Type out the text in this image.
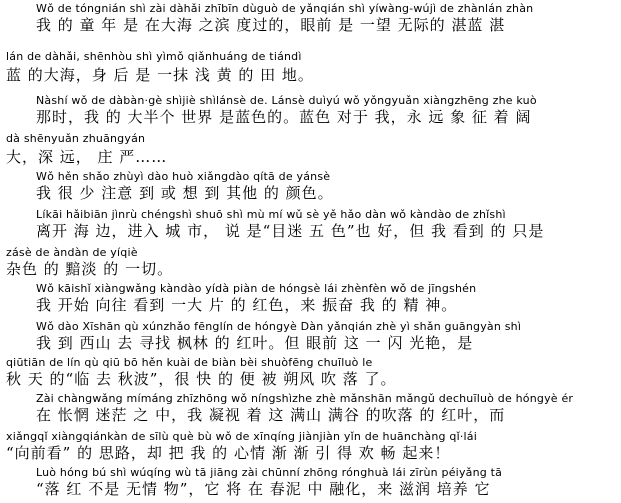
Wǒ de tóngnián shì zài dàhǎi zhībīn dùguò de yǎnqián shì yíwàng-wújì de zhànlán zhàn
我 的 童 年 是 在大海 之滨 度过的，眼前 是 一望 无际的 湛蓝 湛
lán de dàhǎi, shēnhòu shì yìmǒ qiǎnhuáng de tiándì
蓝 的大海，身 后 是 一抹 浅 黄 的 田 地。
Nàshí wǒ de dàbàn·gè shìjiè shìlánsè de. Lánsè duìyú wǒ yǒngyuǎn xiàngzhēng zhe kuò
那时，我 的 大半个 世界 是蓝色的。蓝色 对于 我，永 远 象 征 着 阔
dà shēnyuǎn zhuāngyán
大，深 远， 庄 严……
Wǒ hěn shǎo zhùyì dào huò xiǎngdào qítā de yánsè
我 很 少 注意 到 或 想 到 其他 的 颜色。
Líkāi hǎibiān jìnrù chéngshì shuō shì mù mí wǔ sè yě hǎo dàn wǒ kàndào de zhǐshì
离开 海 边，进入 城 市， 说 是“目迷 五 色”也 好，但 我 看到 的 只是
zásè de àndàn de yíqiè
杂色 的 黯淡 的 一切。
Wǒ kāishǐ xiàngwǎng kàndào yídà piàn de hóngsè lái zhènfèn wǒ de jīngshén
我 开始 向往 看到 一大 片 的 红色，来 振奋 我 的 精 神。
Wǒ dào Xīshān qù xúnzhǎo fēnglín de hóngyè Dàn yǎnqián zhè yì shǎn guāngyàn shì
我 到 西山 去 寻找 枫林 的 红叶。但 眼前 这 一 闪 光艳，是
qiūtiān de lín qù qiū bō hěn kuài de biàn bèi shuòfēng chuīluò le
秋 天 的“临 去 秋波”，很 快 的 便 被 朔风 吹 落 了。
Zài chàngwǎng mímáng zhīzhōng wǒ níngshìzhe zhè mǎnshān mǎngǔ dechuīluò de hóngyè ér
在 怅惘 迷茫 之 中，我 凝视 着 这 满山 满谷 的吹落 的 红叶，而
xiǎngqǐ xiàngqiánkàn de sīlù què bù wǒ de xīnqíng jiànjiàn yǐn de huānchàng qǐ·lái
“向前看” 的 思路，却 把 我 的 心情 渐 渐 引 得 欢 畅 起来！
Luò hóng bú shì wúqíng wù tā jiāng zài chūnní zhōng rónghuà lái zīrùn péiyǎng tā
“落 红 不是 无情 物”，它 将 在 春泥 中 融化，来 滋润 培养 它
